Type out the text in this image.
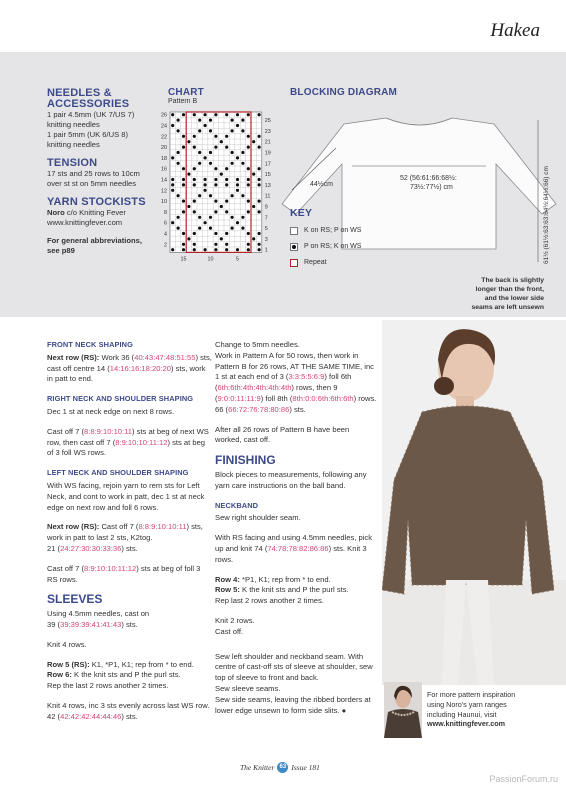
Hakea
NEEDLES &
ACCESSORIES
1 pair 4.5mm (UK 7/US 7)
knitting needles
1 pair 5mm (UK 6/US 8)
knitting needles
TENSION
17 sts and 25 rows to 10cm
over st st on 5mm needles
YARN STOCKISTS
Noro c/o Knitting Fever
www.knittingfever.com
For general abbreviations,
see p89
CHART
Pattern B
26
24
22
20
18
16
14
12
10
8
6
4
2
25
23
21
19
17
15
13
11
9
7
5
3
1
15	10	5
BLOCKING DIAGRAM
44½cm
52 (56:61:66:68½:
73½:77½) cm	61½ (61½:63:63:64½:64½:66) cm
KEY
K on RS; P on WS
P on RS; K on WS
Repeat
The back is slightly
longer than the front,
and the lower side
seams are left unsewn
FRONT NECK SHAPING

Next row (RS): Work 36 (40:43:47:48:51:55) sts, cast off centre 14 (14:16:16:18:20:20) sts, work in patt to end.

RIGHT NECK AND SHOULDER SHAPING

Dec 1 st at neck edge on next 8 rows.

Cast off 7 (8:8:9:10:10:11) sts at beg of next WS row, then cast off 7 (8:9:10:10:11:12) sts at beg of 3 foll WS rows.

LEFT NECK AND SHOULDER SHAPING

With WS facing, rejoin yarn to rem sts for Left Neck, and cont to work in patt, dec 1 st at neck edge on next row and foll 6 rows.

Next row (RS): Cast off 7 (8:8:9:10:10:11) sts, work in patt to last 2 sts, K2tog.
21 (24:27:30:30:33:36) sts.

Cast off 7 (8:9:10:10:11:12) sts at beg of foll 3 RS rows.

SLEEVES

Using 4.5mm needles, cast on
39 (39:39:39:41:41:43) sts.

Knit 4 rows.

Row 5 (RS): K1, *P1, K1; rep from * to end.
Row 6: K the knit sts and P the purl sts.
Rep the last 2 rows another 2 times.

Knit 4 rows, inc 3 sts evenly across last WS row.
42 (42:42:42:44:44:46) sts.

Change to 5mm needles.

Work in Pattern A for 50 rows, then work in Pattern B for 26 rows, AT THE SAME TIME, inc 1 st at each end of 3 (3:3:5:5:6:9) foll 6th (6th:6th:4th:4th:4th:4th) rows, then 9 (9:0:0:11:11:9) foll 8th (8th:0:0:6th:6th:6th) rows.
66 (66:72:76:78:80:86) sts.

After all 26 rows of Pattern B have been worked, cast off.

FINISHING

Block pieces to measurements, following any yarn care instructions on the ball band.

NECKBAND

Sew right shoulder seam.

With RS facing and using 4.5mm needles, pick up and knit 74 (74:78:78:82:86:86) sts. Knit 3 rows.

Row 4: *P1, K1; rep from * to end.
Row 5: K the knit sts and P the purl sts.
Rep last 2 rows another 2 times.

Knit 2 rows.

Cast off.

Sew left shoulder and neckband seam. With centre of cast-off sts of sleeve at shoulder, sew top of sleeve to front and back.

Sew sleeve seams.

Sew side seams, leaving the ribbed borders at lower edge unsewn to form side slits. ●

For more pattern inspiration
using Noro's yarn ranges
including Haunui, visit
www.knittingfever.com
The Knitter 63 Issue 181
PassionForum.ru
